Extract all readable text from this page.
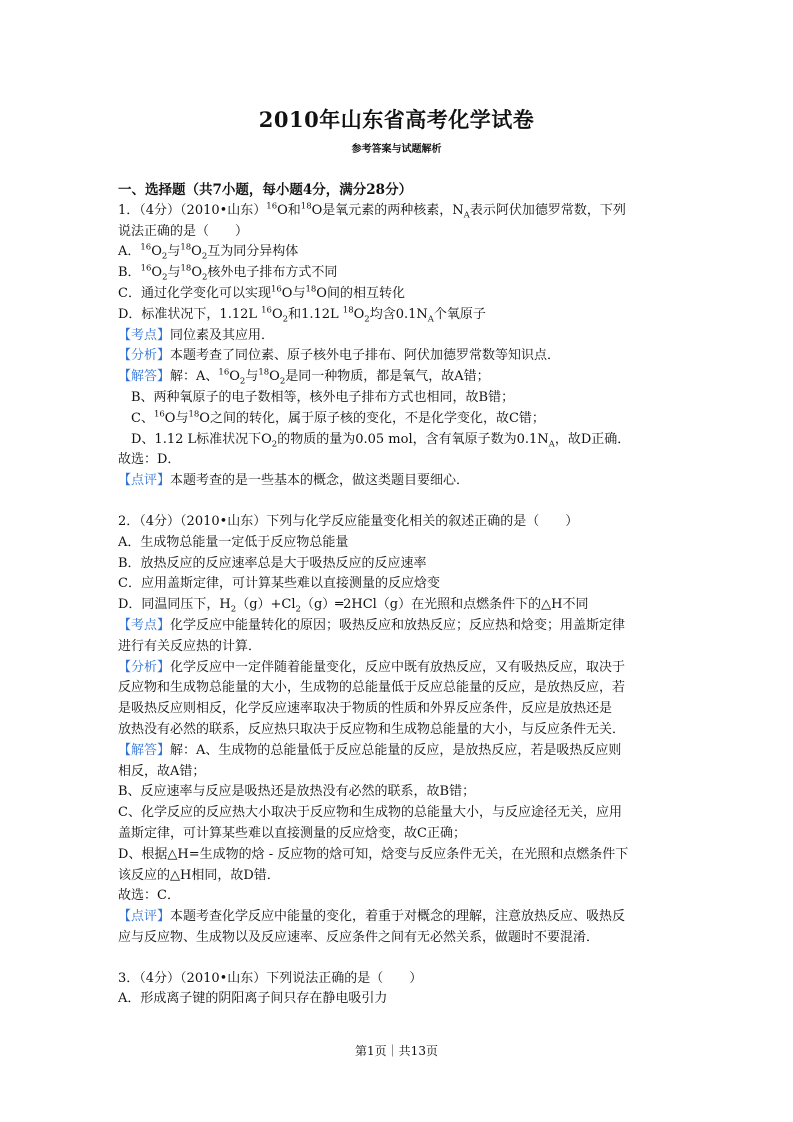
2010年山东省高考化学试卷
参考答案与试题解析
一、选择题（共7小题，每小题4分，满分28分）
1．（4分）（2010•山东）$^{16}$O和$^{18}$O是氧元素的两种核素，$N_A$表示阿伏加德罗常数，下列
说法正确的是（　　）
A．$^{16}O_2$与$^{18}O_2$互为同分异构体
B．$^{16}O_2$与$^{18}O_2$核外电子排布方式不同
C．通过化学变化可以实现$^{16}$O与$^{18}$O间的相互转化
D．标准状况下，1.12L $^{16}O_2$和1.12L $^{18}O_2$均含$0.1N_A$个氧原子
【考点】同位素及其应用．
【分析】本题考查了同位素、原子核外电子排布、阿伏加德罗常数等知识点．
【解答】解：A、$^{16}O_2$与$^{18}O_2$是同一种物质，都是氧气，故A错；
B、两种氧原子的电子数相等，核外电子排布方式也相同，故B错；
C、$^{16}$O与$^{18}$O之间的转化，属于原子核的变化，不是化学变化，故C错；
D、1.12 L标准状况下$O_2$的物质的量为0.05 mol，含有氧原子数为$0.1N_A$，故D正确．
故选：D．
【点评】本题考查的是一些基本的概念，做这类题目要细心．
2．（4分）（2010•山东）下列与化学反应能量变化相关的叙述正确的是（　　）
A．生成物总能量一定低于反应物总能量
B．放热反应的反应速率总是大于吸热反应的反应速率
C．应用盖斯定律，可计算某些难以直接测量的反应焓变
D．同温同压下，$H_2(g)+Cl_2(g)═2HCl(g)$在光照和点燃条件下的△H不同
【考点】化学反应中能量转化的原因；吸热反应和放热反应；反应热和焓变；用盖斯定律
进行有关反应热的计算．
【分析】化学反应中一定伴随着能量变化，反应中既有放热反应，又有吸热反应，取决于
反应物和生成物总能量的大小，生成物的总能量低于反应总能量的反应，是放热反应，若
是吸热反应则相反，化学反应速率取决于物质的性质和外界反应条件，反应是放热还是
放热没有必然的联系，反应热只取决于反应物和生成物总能量的大小，与反应条件无关．
【解答】解：A、生成物的总能量低于反应总能量的反应，是放热反应，若是吸热反应则
相反，故A错；
B、反应速率与反应是吸热还是放热没有必然的联系，故B错；
C、化学反应的反应热大小取决于反应物和生成物的总能量大小，与反应途径无关，应用
盖斯定律，可计算某些难以直接测量的反应焓变，故C正确；
D、根据△H=生成物的焓 - 反应物的焓可知，焓变与反应条件无关，在光照和点燃条件下
该反应的△H相同，故D错．
故选：C．
【点评】本题考查化学反应中能量的变化，着重于对概念的理解，注意放热反应、吸热反
应与反应物、生成物以及反应速率、反应条件之间有无必然关系，做题时不要混淆．
3．（4分）（2010•山东）下列说法正确的是（　　）
A．形成离子键的阴阳离子间只存在静电吸引力
第1页｜共13页
